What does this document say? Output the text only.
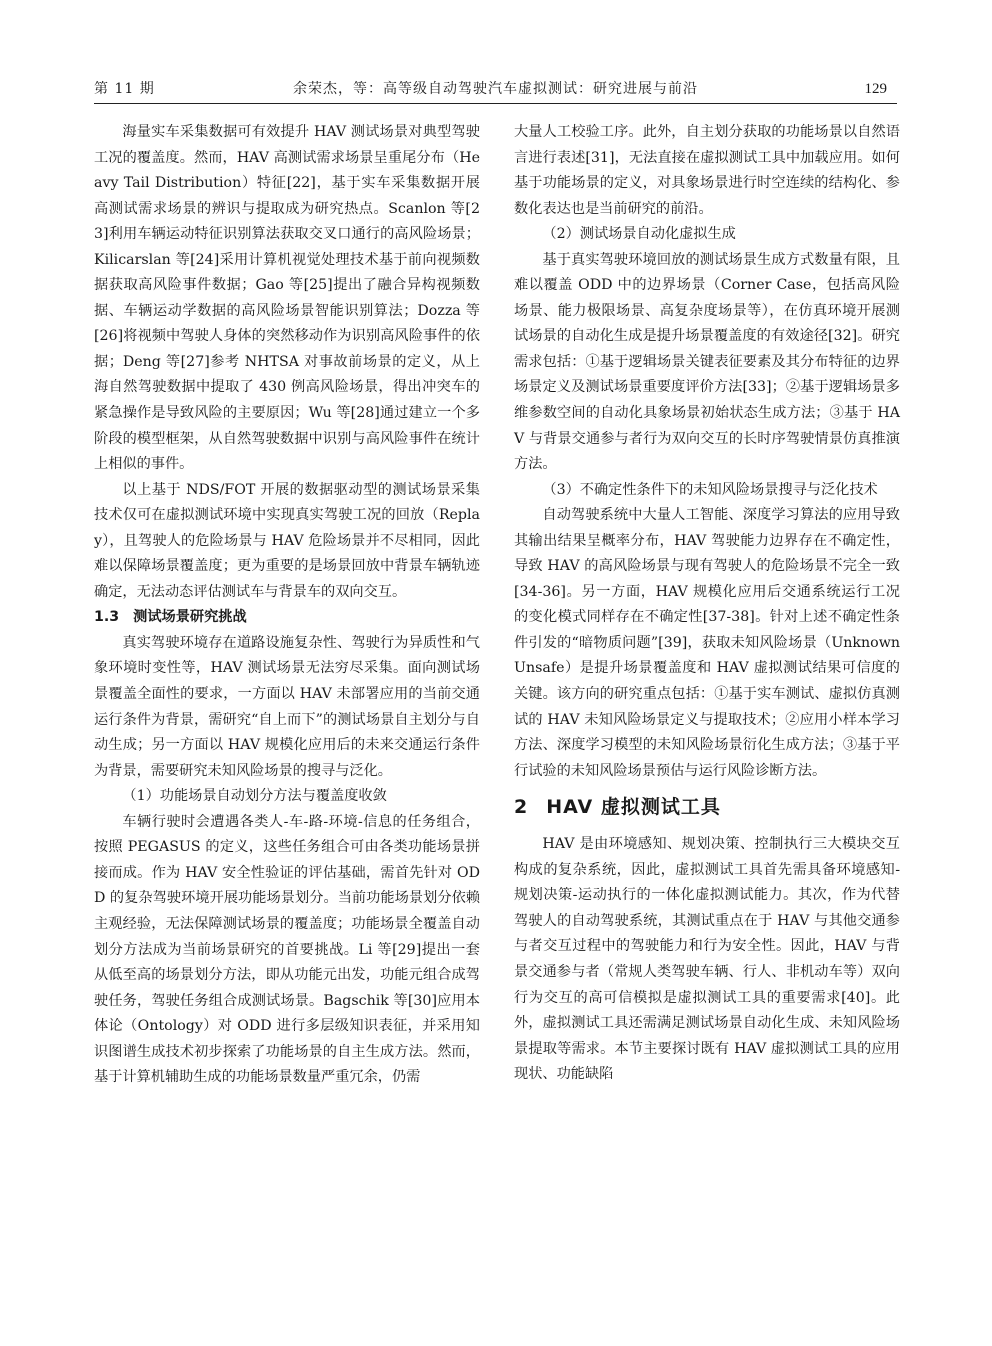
第 11 期	余荣杰，等：高等级自动驾驶汽车虚拟测试：研究进展与前沿	129

海量实车采集数据可有效提升 HAV 测试场景对典型驾驶工况的覆盖度。然而，HAV 高测试需求场景呈重尾分布（Heavy Tail Distribution）特征[22]，基于实车采集数据开展高测试需求场景的辨识与提取成为研究热点。Scanlon 等[23]利用车辆运动特征识别算法获取交叉口通行的高风险场景；Kilicarslan 等[24]采用计算机视觉处理技术基于前向视频数据获取高风险事件数据；Gao 等[25]提出了融合异构视频数据、车辆运动学数据的高风险场景智能识别算法；Dozza 等[26]将视频中驾驶人身体的突然移动作为识别高风险事件的依据；Deng 等[27]参考 NHTSA 对事故前场景的定义，从上海自然驾驶数据中提取了 430 例高风险场景，得出冲突车的紧急操作是导致风险的主要原因；Wu 等[28]通过建立一个多阶段的模型框架，从自然驾驶数据中识别与高风险事件在统计上相似的事件。

以上基于 NDS/FOT 开展的数据驱动型的测试场景采集技术仅可在虚拟测试环境中实现真实驾驶工况的回放（Replay），且驾驶人的危险场景与 HAV 危险场景并不尽相同，因此难以保障场景覆盖度；更为重要的是场景回放中背景车辆轨迹确定，无法动态评估测试车与背景车的双向交互。

1.3 测试场景研究挑战

真实驾驶环境存在道路设施复杂性、驾驶行为异质性和气象环境时变性等，HAV 测试场景无法穷尽采集。面向测试场景覆盖全面性的要求，一方面以 HAV 未部署应用的当前交通运行条件为背景，需研究“自上而下”的测试场景自主划分与自动生成；另一方面以 HAV 规模化应用后的未来交通运行条件为背景，需要研究未知风险场景的搜寻与泛化。

（1）功能场景自动划分方法与覆盖度收敛

车辆行驶时会遭遇各类人-车-路-环境-信息的任务组合，按照 PEGASUS 的定义，这些任务组合可由各类功能场景拼接而成。作为 HAV 安全性验证的评估基础，需首先针对 ODD 的复杂驾驶环境开展功能场景划分。当前功能场景划分依赖主观经验，无法保障测试场景的覆盖度；功能场景全覆盖自动划分方法成为当前场景研究的首要挑战。Li 等[29]提出一套从低至高的场景划分方法，即从功能元出发，功能元组合成驾驶任务，驾驶任务组合成测试场景。Bagschik 等[30]应用本体论（Ontology）对 ODD 进行多层级知识表征，并采用知识图谱生成技术初步探索了功能场景的自主生成方法。然而，基于计算机辅助生成的功能场景数量严重冗余，仍需

大量人工校验工序。此外，自主划分获取的功能场景以自然语言进行表述[31]，无法直接在虚拟测试工具中加载应用。如何基于功能场景的定义，对具象场景进行时空连续的结构化、参数化表达也是当前研究的前沿。

（2）测试场景自动化虚拟生成

基于真实驾驶环境回放的测试场景生成方式数量有限，且难以覆盖 ODD 中的边界场景（Corner Case，包括高风险场景、能力极限场景、高复杂度场景等），在仿真环境开展测试场景的自动化生成是提升场景覆盖度的有效途径[32]。研究需求包括：①基于逻辑场景关键表征要素及其分布特征的边界场景定义及测试场景重要度评价方法[33]；②基于逻辑场景多维参数空间的自动化具象场景初始状态生成方法；③基于 HAV 与背景交通参与者行为双向交互的长时序驾驶情景仿真推演方法。

（3）不确定性条件下的未知风险场景搜寻与泛化技术

自动驾驶系统中大量人工智能、深度学习算法的应用导致其输出结果呈概率分布，HAV 驾驶能力边界存在不确定性，导致 HAV 的高风险场景与现有驾驶人的危险场景不完全一致[34-36]。另一方面，HAV 规模化应用后交通系统运行工况的变化模式同样存在不确定性[37-38]。针对上述不确定性条件引发的“暗物质问题”[39]，获取未知风险场景（Unknown Unsafe）是提升场景覆盖度和 HAV 虚拟测试结果可信度的关键。该方向的研究重点包括：①基于实车测试、虚拟仿真测试的 HAV 未知风险场景定义与提取技术；②应用小样本学习方法、深度学习模型的未知风险场景衍化生成方法；③基于平行试验的未知风险场景预估与运行风险诊断方法。

2 HAV 虚拟测试工具

HAV 是由环境感知、规划决策、控制执行三大模块交互构成的复杂系统，因此，虚拟测试工具首先需具备环境感知-规划决策-运动执行的一体化虚拟测试能力。其次，作为代替驾驶人的自动驾驶系统，其测试重点在于 HAV 与其他交通参与者交互过程中的驾驶能力和行为安全性。因此，HAV 与背景交通参与者（常规人类驾驶车辆、行人、非机动车等）双向行为交互的高可信模拟是虚拟测试工具的重要需求[40]。此外，虚拟测试工具还需满足测试场景自动化生成、未知风险场景提取等需求。本节主要探讨既有 HAV 虚拟测试工具的应用现状、功能缺陷
